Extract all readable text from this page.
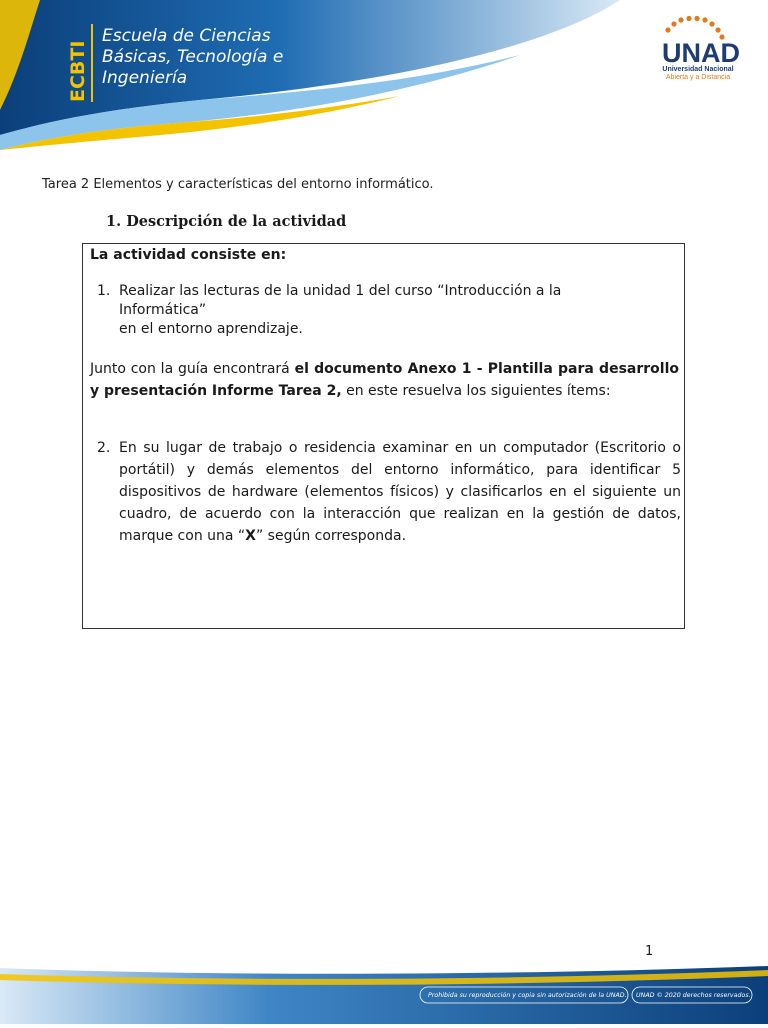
ECBTI
Escuela de Ciencias
Básicas, Tecnología e
Ingeniería
UNAD
Universidad Nacional
Abierta y a Distancia
Tarea 2 Elementos y características del entorno informático.
1. Descripción de la actividad
La actividad consiste en:
1. Realizar las lecturas de la unidad 1 del curso “Introducción a la Informática”
en el entorno aprendizaje.
Junto con la guía encontrará el documento Anexo 1 - Plantilla para desarrollo y presentación Informe Tarea 2, en este resuelva los siguientes ítems:
2. En su lugar de trabajo o residencia examinar en un computador (Escritorio o portátil) y demás elementos del entorno informático, para identificar 5 dispositivos de hardware (elementos físicos) y clasificarlos en el siguiente un cuadro, de acuerdo con la interacción que realizan en la gestión de datos, marque con una “X” según corresponda.
1
Prohibida su reproducción y copia sin autorización de la UNAD. UNAD © 2020 derechos reservados.
